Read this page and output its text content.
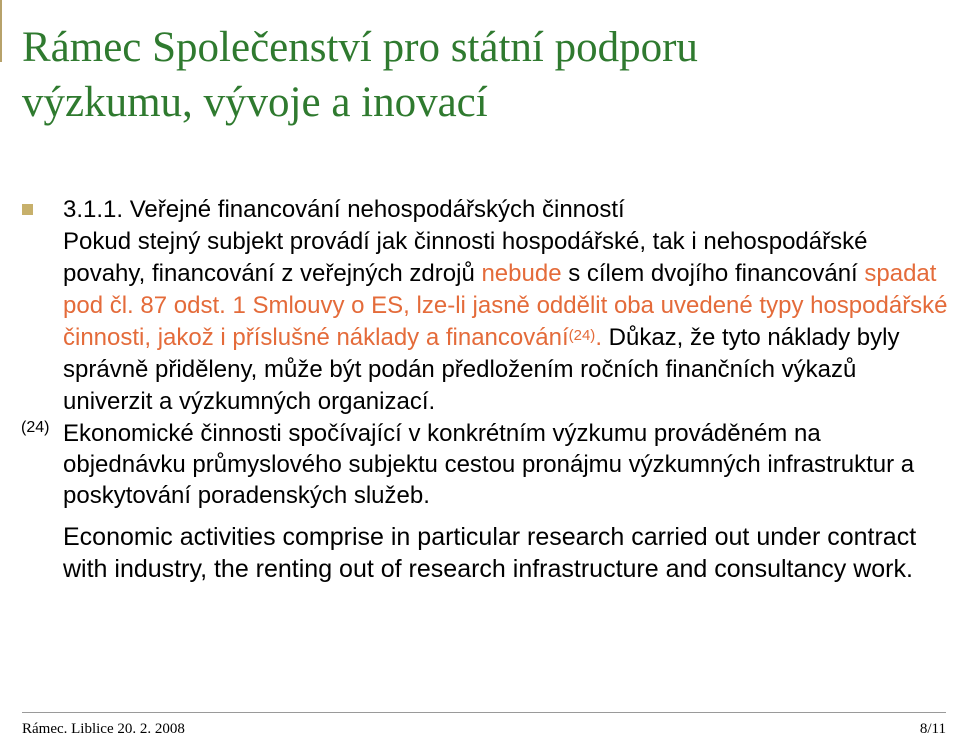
Rámec Společenství pro státní podporu
výzkumu, vývoje a inovací

3.1.1. Veřejné financování nehospodářských činností

Pokud stejný subjekt provádí jak činnosti hospodářské, tak i nehospodářské povahy, financování z veřejných zdrojů nebude s cílem dvojího financování spadat pod čl. 87 odst. 1 Smlouvy o ES, lze-li jasně oddělit oba uvedené typy hospodářské činnosti, jakož i příslušné náklady a financování$^{(24)}$. Důkaz, že tyto náklady byly správně přiděleny, může být podán předložením ročních finančních výkazů univerzit a výzkumných organizací.

(24) Ekonomické činnosti spočívající v konkrétním výzkumu prováděném na objednávku průmyslového subjektu cestou pronájmu výzkumných infrastruktur a poskytování poradenských služeb.

Economic activities comprise in particular research carried out under contract with industry, the renting out of research infrastructure and consultancy work.

Rámec. Liblice 20. 2. 2008	8/11
